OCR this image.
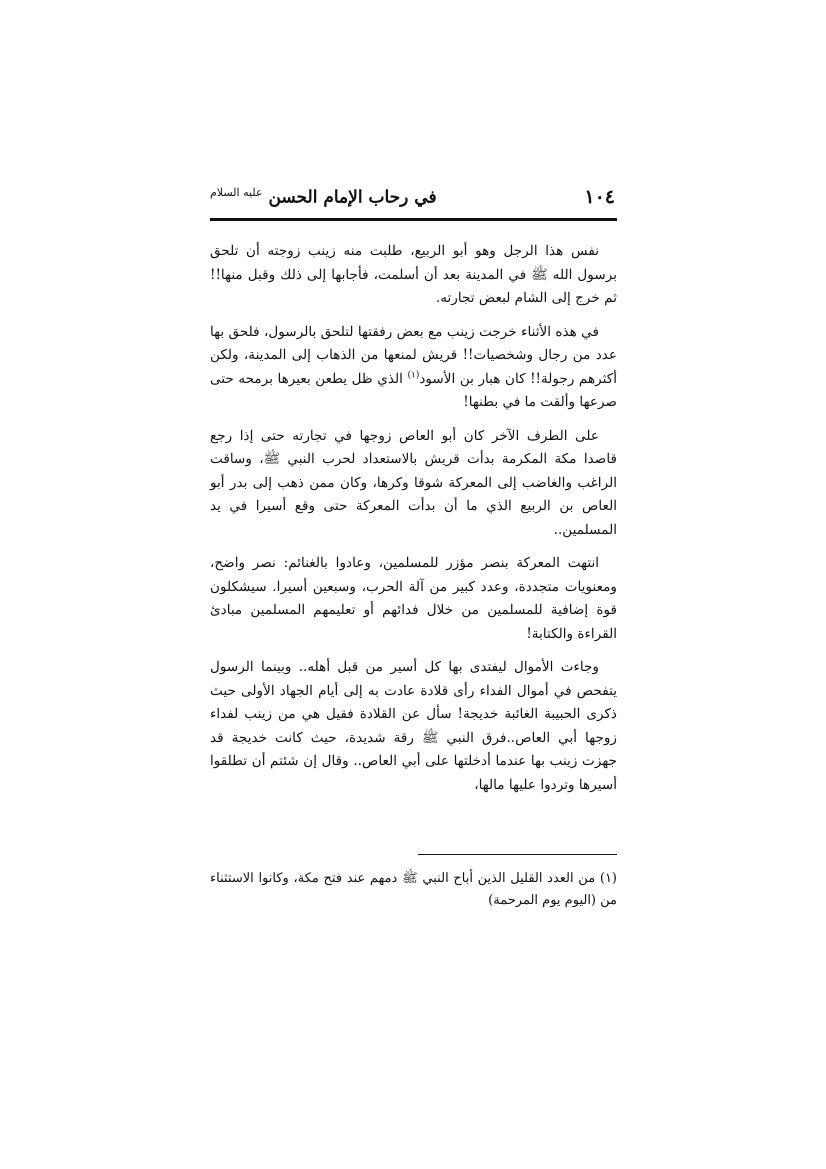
١٠٤
في رحاب الإمام الحسن $^{عليه السلام}$

نفس هذا الرجل وهو أبو الربيع، طلبت منه زينب زوجته أن تلحق برسول الله ﷺ في المدينة بعد أن أسلمت، فأجابها إلى ذلك وقبل منها!! ثم خرج إلى الشام لبعض تجارته.

في هذه الأثناء خرجت زينب مع بعض رفقتها لتلحق بالرسول، فلحق بها عدد من رجال وشخصيات!! قريش لمنعها من الذهاب إلى المدينة، ولكن أكثرهم رجولة!! كان هبار بن الأسود$^{(١)}$ الذي ظل يطعن بعيرها برمحه حتى صرعها وألقت ما في بطنها!

على الطرف الآخر كان أبو العاص زوجها في تجارته حتى إذا رجع قاصدا مكة المكرمة بدأت قريش بالاستعداد لحرب النبي ﷺ، وساقت الراغب والغاضب إلى المعركة شوقا وكرها، وكان ممن ذهب إلى بدر أبو العاص بن الربيع الذي ما أن بدأت المعركة حتى وقع أسيرا في يد المسلمين..

انتهت المعركة بنصر مؤزر للمسلمين، وعادوا بالغنائم: نصر واضح، ومعنويات متجددة، وعدد كبير من آلة الحرب، وسبعين أسيرا. سيشكلون قوة إضافية للمسلمين من خلال فدائهم أو تعليمهم المسلمين مبادئ القراءة والكتابة!

وجاءت الأموال ليفتدى بها كل أسير من قبل أهله.. وبينما الرسول يتفحص في أموال الفداء رأى قلادة عادت به إلى أيام الجهاد الأولى حيث ذكرى الحبيبة الغائبة خديجة! سأل عن القلادة فقيل هي من زينب لفداء زوجها أبي العاص..فرق النبي ﷺ رقة شديدة، حيث كانت خديجة قد جهزت زينب بها عندما أدخلتها على أبي العاص.. وقال إن شئتم أن تطلقوا أسيرها وتردوا عليها مالها،

(١) من العدد القليل الذين أباح النبي ﷺ دمهم عند فتح مكة، وكانوا الاستثناء من (اليوم يوم المرحمة)
